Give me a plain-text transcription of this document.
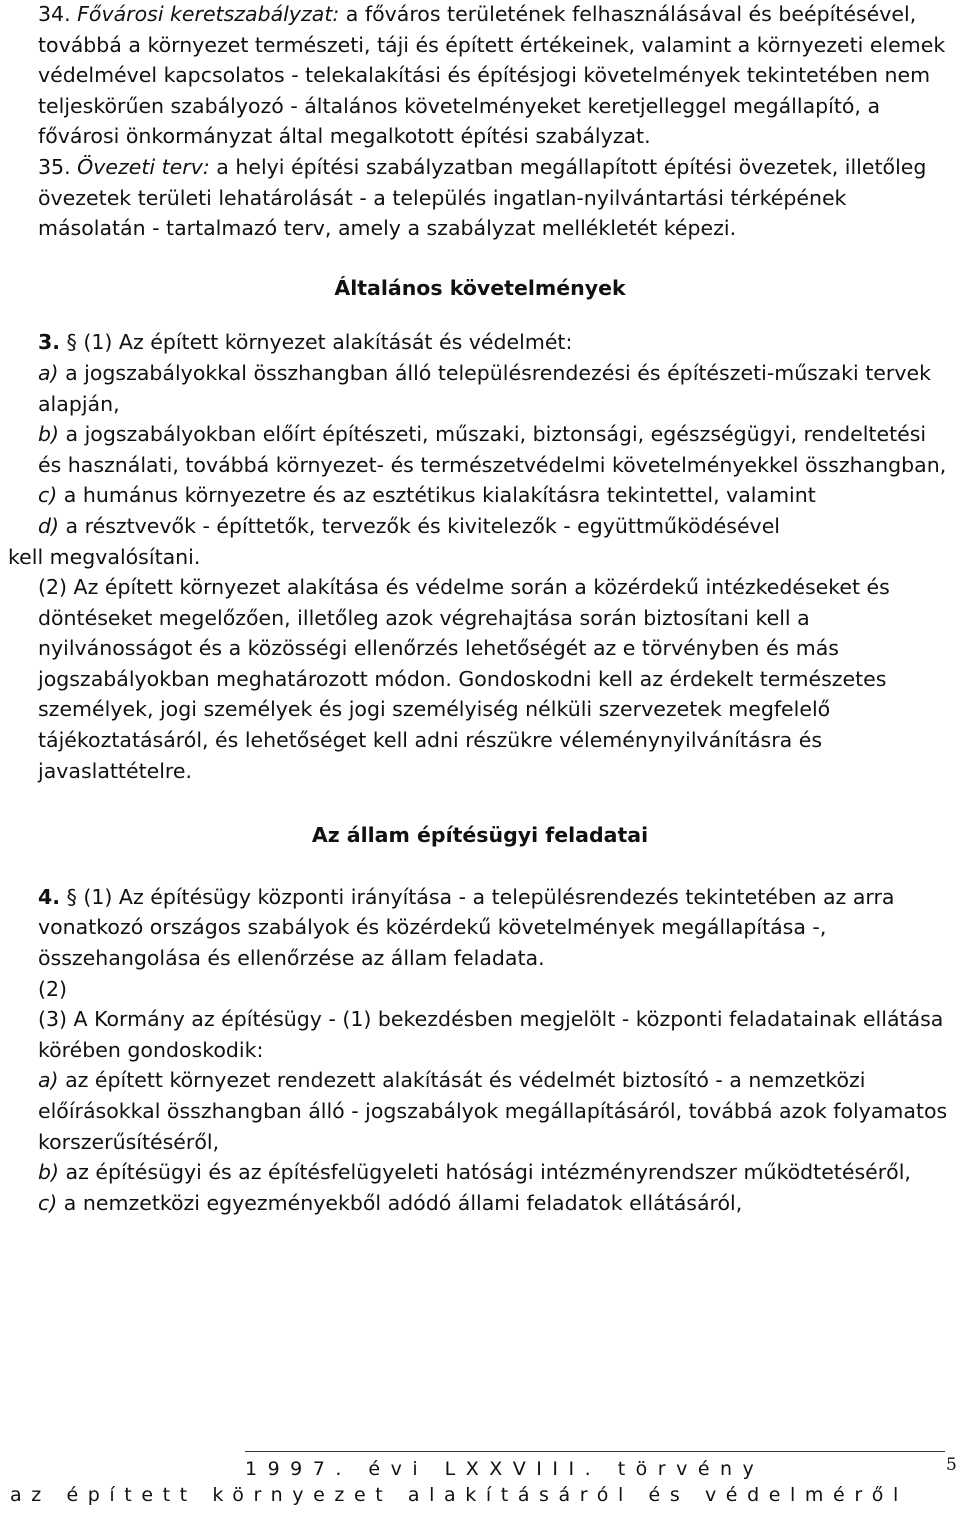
34. Fővárosi keretszabályzat: a főváros területének felhasználásával és beépítésével, továbbá a környezet természeti, táji és épített értékeinek, valamint a környezeti elemek védelmével kapcsolatos - telekalakítási és építésjogi követelmények tekintetében nem teljeskörűen szabályozó - általános követelményeket keretjelleggel megállapító, a fővárosi önkormányzat által megalkotott építési szabályzat.

35. Övezeti terv: a helyi építési szabályzatban megállapított építési övezetek, illetőleg övezetek területi lehatárolását - a település ingatlan-nyilvántartási térképének másolatán - tartalmazó terv, amely a szabályzat mellékletét képezi.

Általános követelmények

3. § (1) Az épített környezet alakítását és védelmét:

a) a jogszabályokkal összhangban álló településrendezési és építészeti-műszaki tervek alapján,

b) a jogszabályokban előírt építészeti, műszaki, biztonsági, egészségügyi, rendeltetési és használati, továbbá környezet- és természetvédelmi követelményekkel összhangban,

c) a humánus környezetre és az esztétikus kialakításra tekintettel, valamint

d) a résztvevők - építtetők, tervezők és kivitelezők - együttműködésével

kell megvalósítani.

(2) Az épített környezet alakítása és védelme során a közérdekű intézkedéseket és döntéseket megelőzően, illetőleg azok végrehajtása során biztosítani kell a nyilvánosságot és a közösségi ellenőrzés lehetőségét az e törvényben és más jogszabályokban meghatározott módon. Gondoskodni kell az érdekelt természetes személyek, jogi személyek és jogi személyiség nélküli szervezetek megfelelő tájékoztatásáról, és lehetőséget kell adni részükre véleménynyilvánításra és javaslattételre.

Az állam építésügyi feladatai

4. § (1) Az építésügy központi irányítása - a településrendezés tekintetében az arra vonatkozó országos szabályok és közérdekű követelmények megállapítása -, összehangolása és ellenőrzése az állam feladata.

(2)

(3) A Kormány az építésügy - (1) bekezdésben megjelölt - központi feladatainak ellátása körében gondoskodik:

a) az épített környezet rendezett alakítását és védelmét biztosító - a nemzetközi előírásokkal összhangban álló - jogszabályok megállapításáról, továbbá azok folyamatos korszerűsítéséről,

b) az építésügyi és az építésfelügyeleti hatósági intézményrendszer működtetéséről,

c) a nemzetközi egyezményekből adódó állami feladatok ellátásáról,

1997. évi LXXVIII. törvény
az épített környezet alakításáról és védelméről
5
